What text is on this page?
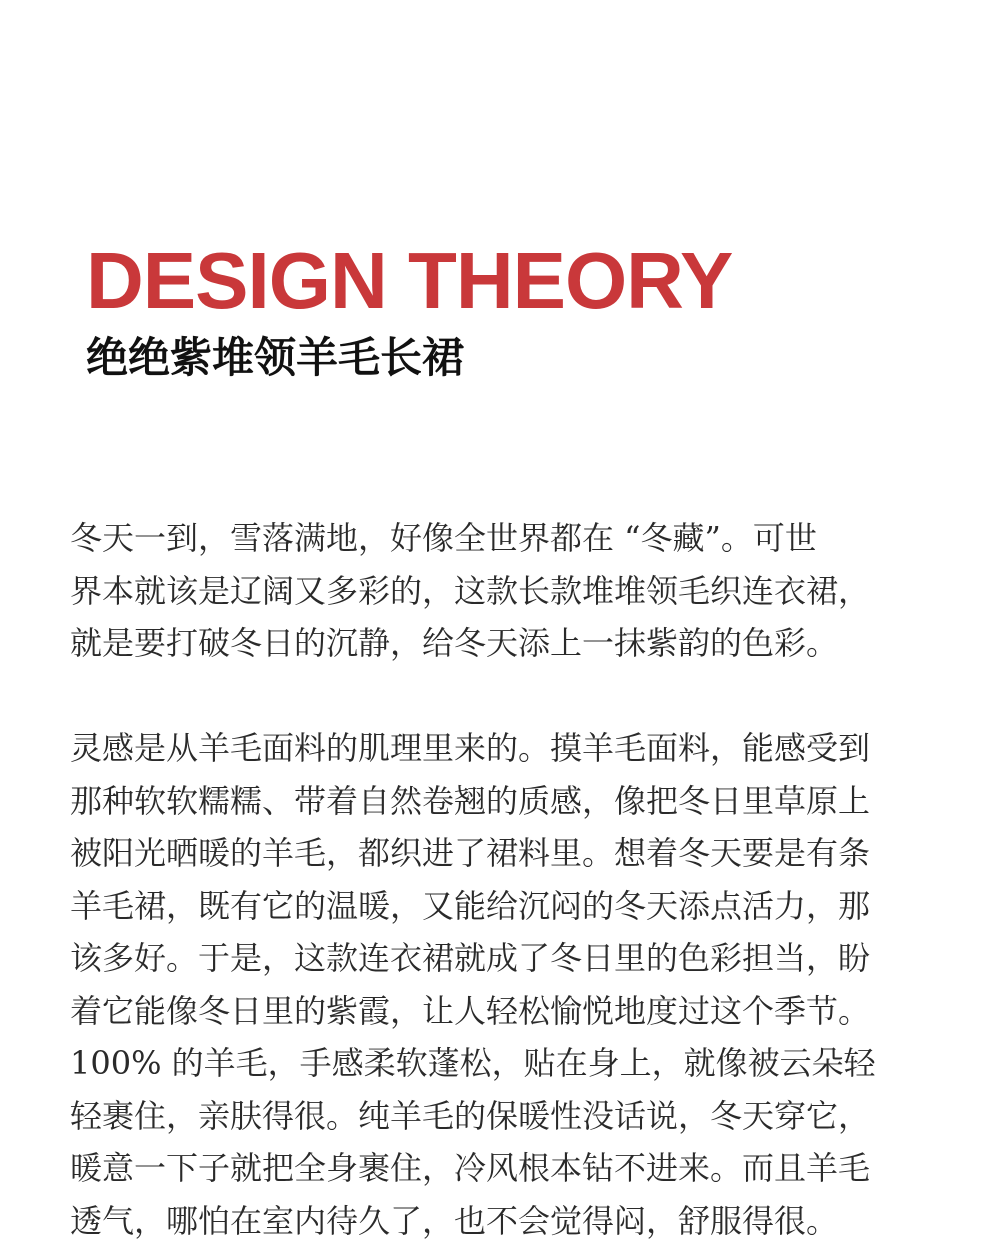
DESIGN THEORY
绝绝紫堆领羊毛长裙

冬天一到，雪落满地，好像全世界都在 “冬藏”。可世
界本就该是辽阔又多彩的，这款长款堆堆领毛织连衣裙，
就是要打破冬日的沉静，给冬天添上一抹紫韵的色彩。

灵感是从羊毛面料的肌理里来的。摸羊毛面料，能感受到
那种软软糯糯、带着自然卷翘的质感，像把冬日里草原上
被阳光晒暖的羊毛，都织进了裙料里。想着冬天要是有条
羊毛裙，既有它的温暖，又能给沉闷的冬天添点活力，那
该多好。于是，这款连衣裙就成了冬日里的色彩担当，盼
着它能像冬日里的紫霞，让人轻松愉悦地度过这个季节。
100% 的羊毛，手感柔软蓬松，贴在身上，就像被云朵轻
轻裹住，亲肤得很。纯羊毛的保暖性没话说，冬天穿它，
暖意一下子就把全身裹住，冷风根本钻不进来。而且羊毛
透气，哪怕在室内待久了，也不会觉得闷，舒服得很。
